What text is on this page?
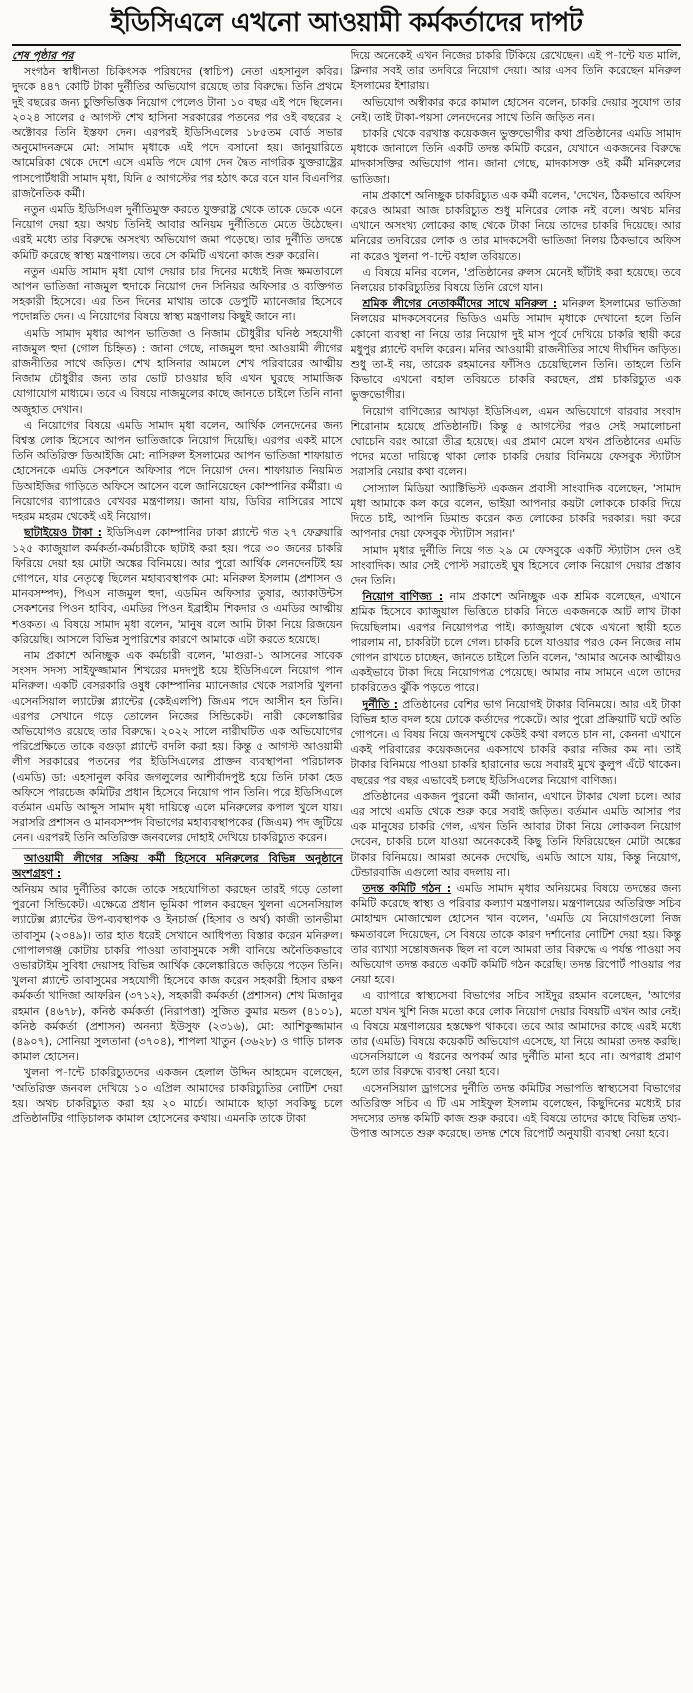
ইডিসিএলে এখনো আওয়ামী কর্মকর্তাদের দাপট

শেষ পৃষ্ঠার পর

সংগঠন স্বাধীনতা চিকিৎসক পরিষদের (স্বাচিপ) নেতা এহসানুল কবির। দুদকে ৪৪৭ কোটি টাকা দুর্নীতির অভিযোগ রয়েছে তার বিরুদ্ধে। তিনি প্রথমে দুই বছরের জন্য চুক্তিভিত্তিক নিয়োগ পেলেও টানা ১০ বছর এই পদে ছিলেন। ২০২৪ সালের ৫ আগস্ট শেখ হাসিনা সরকারের পতনের পর ওই বছরের ২ অক্টোবর তিনি ইস্তফা দেন। এরপরই ইডিসিএলের ১৮৫তম বোর্ড সভার অনুমোদনক্রমে মো: সামাদ মৃধাকে এই পদে বসানো হয়। জানুয়ারিতে আমেরিকা থেকে দেশে এসে এমডি পদে যোগ দেন দ্বৈত নাগরিক যুক্তরাষ্ট্রের পাসপোর্টধারী সামাদ মৃধা, যিনি ৫ আগস্টের পর হঠাৎ করে বনে যান বিএনপির রাজনৈতিক কর্মী।

নতুন এমডি ইডিসিএল দুর্নীতিমুক্ত করতে যুক্তরাষ্ট্র থেকে তাকে ডেকে এনে নিয়োগ দেয়া হয়। অথচ তিনিই আবার অনিয়ম দুর্নীতিতে মেতে উঠেছেন। এরই মধ্যে তার বিরুদ্ধে অসংখ্য অভিযোগ জমা পড়েছে। তার দুর্নীতি তদন্তে কমিটি করেছে স্বাস্থ্য মন্ত্রণালয়। তবে সে কমিটি এখনো কাজ শুরু করেনি।

নতুন এমডি সামাদ মৃধা যোগ দেয়ার চার দিনের মধ্যেই নিজ ক্ষমতাবলে আপন ভাতিজা নাজমুল হুদাকে নিয়োগ দেন সিনিয়র অফিসার ও ব্যক্তিগত সহকারী হিসেবে। এর তিন দিনের মাথায় তাকে ডেপুটি ম্যানেজার হিসেবে পদোন্নতি দেন। এ নিয়োগের বিষয়ে স্বাস্থ্য মন্ত্রণালয় কিছুই জানে না।

এমডি সামাদ মৃধার আপন ভাতিজা ও নিজাম চৌধুরীর ঘনিষ্ঠ সহযোগী নাজমুল হুদা (গোল চিহ্নিত) : জানা গেছে, নাজমুল হুদা আওয়ামী লীগের রাজনীতির সাথে জড়িত। শেখ হাসিনার আমলে শেখ পরিবারের আত্মীয় নিজাম চৌধুরীর জন্য তার ভোট চাওয়ার ছবি এখন ঘুরছে সামাজিক যোগাযোগ মাধ্যমে। তবে এ বিষয়ে নাজমুলের কাছে জানতে চাইলে তিনি নানা অজুহাত দেখান।

এ নিয়োগের বিষয়ে এমডি সামাদ মৃধা বলেন, আর্থিক লেনদেনের জন্য বিশ্বস্ত লোক হিসেবে আপন ভাতিজাকে নিয়োগ দিয়েছি। এরপর একই মাসে তিনি অতিরিক্ত ডিআইজি মো: নাসিরুল ইসলামের আপন ভাতিজা শাফায়াত হোসেনকে এমডি সেকশনে অফিসার পদে নিয়োগ দেন। শাফায়াত নিয়মিত ডিআইজির গাড়িতে অফিসে আসেন বলে জানিয়েছেন কোম্পানির কর্মীরা। এ নিয়োগের ব্যাপারেও বেখবর মন্ত্রণালয়। জানা যায়, ডিবির নাসিরের সাথে দহরম মহরম থেকেই এই নিয়োগ।

ছাটাইয়েও টাকা : ইডিসিএল কোম্পানির ঢাকা প্ল্যান্টে গত ২৭ ফেব্রুয়ারি ১২৫ ক্যাজুয়াল কর্মকর্তা-কর্মচারীকে ছাটাই করা হয়। পরে ৩০ জনের চাকরি ফিরিয়ে দেয়া হয় মোটা অঙ্কের বিনিময়ে। আর পুরো আর্থিক লেনদেনটিই হয় গোপনে, যার নেতৃত্বে ছিলেন মহাব্যবস্থাপক মো: মনিরুল ইসলাম (প্রশাসন ও মানবসম্পদ), পিএস নাজমুল হুদা, এডমিন অফিসার তুষার, অ্যাকাউন্টস সেকশনের পিওন হাবিব, এমডির পিওন ইব্রাহীম শিকদার ও এমডির আত্মীয় শওকত। এ বিষয়ে সামাদ মৃধা বলেন, 'মানুষ বলে আমি টাকা নিয়ে রিজয়েন করিয়েছি। আসলে বিভিন্ন সুপারিশের কারণে আমাকে এটা করতে হয়েছে।

নাম প্রকাশে অনিচ্ছুক এক কর্মচারী বলেন, 'মাগুরা-১ আসনের সাবেক সংসদ সদস্য সাইফুজ্জামান শিখরের মদদপুষ্ট হয়ে ইডিসিএলে নিয়োগ পান মনিরুল। একটি বেসরকারি ওষুধ কোম্পানির ম্যানেজার থেকে সরাসরি খুলনা এসেনসিয়াল ল্যাটেক্স প্ল্যান্টের (কেইএলপি) জিএম পদে আসীন হন তিনি। এরপর সেখানে গড়ে তোলেন নিজের সিন্ডিকেট। নারী কেলেঙ্কারির অভিযোগও রয়েছে তার বিরুদ্ধে। ২০২২ সালে নারীঘটিত এক অভিযোগের পরিপ্রেক্ষিতে তাকে বগুড়া প্ল্যান্টে বদলি করা হয়। কিন্তু ৫ আগস্ট আওয়ামী লীগ সরকারের পতনের পর ইডিসিএলের প্রাক্তন ব্যবস্থাপনা পরিচালক (এমডি) ডা: এহসানুল কবির জগলুলের আশীর্বাদপুষ্ট হয়ে তিনি ঢাকা হেড অফিসে পারচেজ কমিটির প্রধান হিসেবে নিয়োগ পান তিনি। পরে ইডিসিএলে বর্তমান এমডি আব্দুস সামাদ মৃধা দায়িত্বে এলে মনিরুলের কপাল খুলে যায়। সরাসরি প্রশাসন ও মানবসম্পদ বিভাগের মহাব্যবস্থাপকের (জিএম) পদ জুটিয়ে নেন। এরপরই তিনি অতিরিক্ত জনবলের দোহাই দেখিয়ে চাকরিচ্যুত করেন।

আওয়ামী লীগের সক্রিয় কর্মী হিসেবে মনিরুলের বিভিন্ন অনুষ্ঠানে অংশগ্রহণ :

অনিয়ম আর দুর্নীতির কাজে তাকে সহযোগিতা করছেন তারই গড়ে তোলা পুরনো সিন্ডিকেট। এক্ষেত্রে প্রধান ভূমিকা পালন করছেন খুলনা এসেনসিয়াল ল্যাটেক্স প্ল্যান্টের উপ-ব্যবস্থাপক ও ইনচার্জ (হিসাব ও অর্থ) কাজী তানভীমা তাবাসুম (২৩৪৯)। তার হাত ধরেই সেখানে আধিপত্য বিস্তার করেন মনিরুল। গোপালগঞ্জ কোটায় চাকরি পাওয়া তাবাসুমকে সঙ্গী বানিয়ে অনৈতিকভাবে ওভারটাইম সুবিধা দেয়াসহ বিভিন্ন আর্থিক কেলেঙ্কারিতে জড়িয়ে পড়েন তিনি। খুলনা প্ল্যান্টে তাবাসুমের সহযোগী হিসেবে কাজ করেন সহকারী হিসাব রক্ষণ কর্মকর্তা খাদিজা আফরিন (৩৭১২), সহকারী কর্মকর্তা (প্রশাসন) শেখ মিজানুর রহমান (৪৬৭৮), কনিষ্ঠ কর্মকর্তা (নিরাপত্তা) সুজিত কুমার মন্ডল (৪১০১), কনিষ্ঠ কর্মকর্তা (প্রশাসন) অনন্যা ইউসুফ (২৩১৬), মো: আশিকুজ্জামান (৪৯০৭), সোনিয়া সুলতানা (৩৭০৪), শাপলা খাতুন (৩৬২৮) ও গাড়ি চালক কামাল হোসেন।

খুলনা প-ান্টে চাকরিচ্যুতদের একজন হেলাল উদ্দিন আহমেদ বলেছেন, 'অতিরিক্ত জনবল দেখিয়ে ১০ এপ্রিল আমাদের চাকরিচ্যুতির নোটিশ দেয়া হয়। অথচ চাকরিচ্যুত করা হয় ২০ মার্চে। আমাকে ছাড়া সবকিছু চলে প্রতিষ্ঠানটির গাড়িচালক কামাল হোসেনের কথায়। এমনকি তাকে টাকা

দিয়ে অনেকেই এখন নিজের চাকরি টিকিয়ে রেখেছেন। এই প-ান্টে যত মালি, ক্লিনার সবই তার তদবিরে নিয়োগ দেয়া। আর এসব তিনি করেছেন মনিরুল ইসলামের ইশারায়।

অভিযোগ অস্বীকার করে কামাল হোসেন বলেন, চাকরি দেয়ার সুযোগ তার নেই। তাই টাকা-পয়সা লেনদেনের সাথে তিনি জড়িত নন।

চাকরি থেকে বরখাস্ত কয়েকজন ভুক্তভোগীর কথা প্রতিষ্ঠানের এমডি সামাদ মৃধাকে জানালে তিনি একটি তদন্ত কমিটি করেন, যেখানে একজনের বিরুদ্ধে মাদকাসক্তির অভিযোগ পান। জানা গেছে, মাদকাসক্ত ওই কর্মী মনিরুলের ভাতিজা।

নাম প্রকাশে অনিচ্ছুক চাকরিচ্যুত এক কর্মী বলেন, 'দেখেন, ঠিকভাবে অফিস করেও আমরা আজ চাকরিচ্যুত শুধু মনিরের লোক নই বলে। অথচ মনির এখানে অসংখ্য লোকের কাছ থেকে টাকা নিয়ে তাদের চাকরি দিয়েছে। আর মনিরের তদবিরের লোক ও তার মাদকসেবী ভাতিজা নিলয় ঠিকভাবে অফিস না করেও খুলনা প-ান্টে বহাল তবিয়তে।

এ বিষয়ে মনির বলেন, 'প্রতিষ্ঠানের রুলস মেনেই ছাঁটাই করা হয়েছে। তবে নিলয়ের চাকরিচ্যুতির বিষয়ে তিনি রেগে যান।

শ্রমিক লীগের নেতাকর্মীদের সাথে মনিরুল : মনিরুল ইসলামের ভাতিজা নিলয়ের মাদকসেবনের ভিডিও এমডি সামাদ মৃধাকে দেখানো হলে তিনি কোনো ব্যবস্থা না নিয়ে তার নিয়োগ দুই মাস পূর্বে দেখিয়ে চাকরি স্থায়ী করে মধুপুর প্ল্যান্টে বদলি করেন। মনির আওয়ামী রাজনীতির সাথে দীর্ঘদিন জড়িত। শুধু তা-ই নয়, তারেক রহমানের ফাঁসিও চেয়েছিলেন তিনি। তাহলে তিনি কিভাবে এখনো বহাল তবিয়তে চাকরি করছেন, প্রশ্ন চাকরিচ্যুত এক ভুক্তভোগীর।

নিয়োগ বাণিজ্যের আখড়া ইডিসিএল, এমন অভিযোগে বারবার সংবাদ শিরোনাম হয়েছে প্রতিষ্ঠানটি। কিন্তু ৫ আগস্টের পরও সেই সমালোচনা ঘোচেনি বরং আরো তীব্র হয়েছে। এর প্রমাণ মেলে যখন প্রতিষ্ঠানের এমডি পদের মতো দায়িত্বে থাকা লোক চাকরি দেয়ার বিনিময়ে ফেসবুক স্ট্যাটাস সরাসরি নেয়ার কথা বলেন।

সোস্যাল মিডিয়া অ্যাক্টিভিস্ট একজন প্রবাসী সাংবাদিক বলেছেন, 'সামাদ মৃধা আমাকে কল করে বলেন, ভাইয়া আপনার কয়টা লোককে চাকরি দিয়ে দিতে চাই, আপনি ডিমান্ড করেন কত লোকের চাকরি দরকার। দয়া করে আপনার দেয়া ফেসবুক স্ট্যাটাস সরান।'

সামাদ মৃধার দুর্নীতি নিয়ে গত ২৯ মে ফেসবুকে একটি স্ট্যাটাস দেন ওই সাংবাদিক। আর সেই পোস্ট সরাতেই ঘুষ হিসেবে লোক নিয়োগ দেয়ার প্রস্তাব দেন তিনি।

নিয়োগ বাণিজ্য : নাম প্রকাশে অনিচ্ছুক এক শ্রমিক বলেছেন, এখানে শ্রমিক হিসেবে ক্যাজুয়াল ভিত্তিতে চাকরি নিতে একজনকে আট লাখ টাকা দিয়েছিলাম। এরপর নিয়োগপত্র পাই। ক্যাজুয়াল থেকে এখনো স্থায়ী হতে পারলাম না, চাকরিটা চলে গেল। চাকরি চলে যাওয়ার পরও কেন নিজের নাম গোপন রাখতে চাচ্ছেন, জানতে চাইলে তিনি বলেন, 'আমার অনেক আত্মীয়ও একইভাবে টাকা দিয়ে নিয়োগপত্র পেয়েছে। আমার নাম সামনে এলে তাদের চাকরিতেও ঝুঁকি পড়তে পারে।

দুর্নীতি : প্রতিষ্ঠানের বেশির ভাগ নিয়োগই টাকার বিনিময়ে। আর এই টাকা বিভিন্ন হাত বদল হয়ে ঢোকে কর্তাদের পকেটে। আর পুরো প্রক্রিয়াটি ঘটে অতি গোপনে। এ বিষয় নিয়ে জনসম্মুখে কেউই কথা বলতে চান না, কেননা এখানে একই পরিবারের কয়েকজনের একসাথে চাকরি করার নজির কম না। তাই টাকার বিনিময়ে পাওয়া চাকরি হারানোর ভয়ে সবারই মুখে কুলুপ এঁটে থাকেন। বছরের পর বছর এভাবেই চলছে ইডিসিএলের নিয়োগ বাণিজ্য।

প্রতিষ্ঠানের একজন পুরনো কর্মী জানান, এখানে টাকার খেলা চলে। আর এর সাথে এমডি থেকে শুরু করে সবাই জড়িত। বর্তমান এমডি আসার পর এক মানুষের চাকরি গেল, এখন তিনি আবার টাকা নিয়ে লোকবল নিয়োগ দেবেন, চাকরি চলে যাওয়া অনেককেই কিছু তিনি ফিরিয়েছেন মোটা অঙ্কের টাকার বিনিময়ে। আমরা অনেক দেখেছি, এমডি আসে যায়, কিন্তু নিয়োগ, টেন্ডারবাজি এগুলো আর বদলায় না।

তদন্ত কমিটি গঠন : এমডি সামাদ মৃধার অনিয়মের বিষয়ে তদন্তের জন্য কমিটি করেছে স্বাস্থ্য ও পরিবার কল্যাণ মন্ত্রণালয়। মন্ত্রণালয়ের অতিরিক্ত সচিব মোহাম্মদ মোজাম্মেল হোসেন খান বলেন, 'এমডি যে নিয়োগগুলো নিজ ক্ষমতাবলে দিয়েছেন, সে বিষয়ে তাকে কারণ দর্শানোর নোটিশ দেয়া হয়। কিন্তু তার ব্যাখ্যা সন্তোষজনক ছিল না বলে আমরা তার বিরুদ্ধে এ পর্যন্ত পাওয়া সব অভিযোগ তদন্ত করতে একটি কমিটি গঠন করেছি। তদন্ত রিপোর্ট পাওয়ার পর নেয়া হবে।

এ ব্যাপারে স্বাস্থ্যসেবা বিভাগের সচিব সাইদুর রহমান বলেছেন, 'আগের মতো যখন খুশি নিজ মতো করে লোক নিয়োগ দেয়ার বিষয়টি এখন আর নেই। এ বিষয়ে মন্ত্রণালয়ের হস্তক্ষেপ থাকবে। তবে আর আমাদের কাছে এরই মধ্যে তার (এমডি) বিষয়ে কয়েকটি অভিযোগ এসেছে, যা নিয়ে আমরা তদন্ত করছি। এসেনসিয়ালে এ ধরনের অপকর্ম আর দুর্নীতি মানা হবে না। অপরাধ প্রমাণ হলে তার বিরুদ্ধে ব্যবস্থা নেয়া হবে।

এসেনসিয়াল ড্রাগসের দুর্নীতি তদন্ত কমিটির সভাপতি স্বাস্থ্যসেবা বিভাগের অতিরিক্ত সচিব এ টি এম সাইফুল ইসলাম বলেছেন, কিছুদিনের মধ্যেই চার সদস্যের তদন্ত কমিটি কাজ শুরু করবে। এই বিষয়ে তাদের কাছে বিভিন্ন তথ্য-উপাত্ত আসতে শুরু করেছে। তদন্ত শেষে রিপোর্ট অনুযায়ী ব্যবস্থা নেয়া হবে।
